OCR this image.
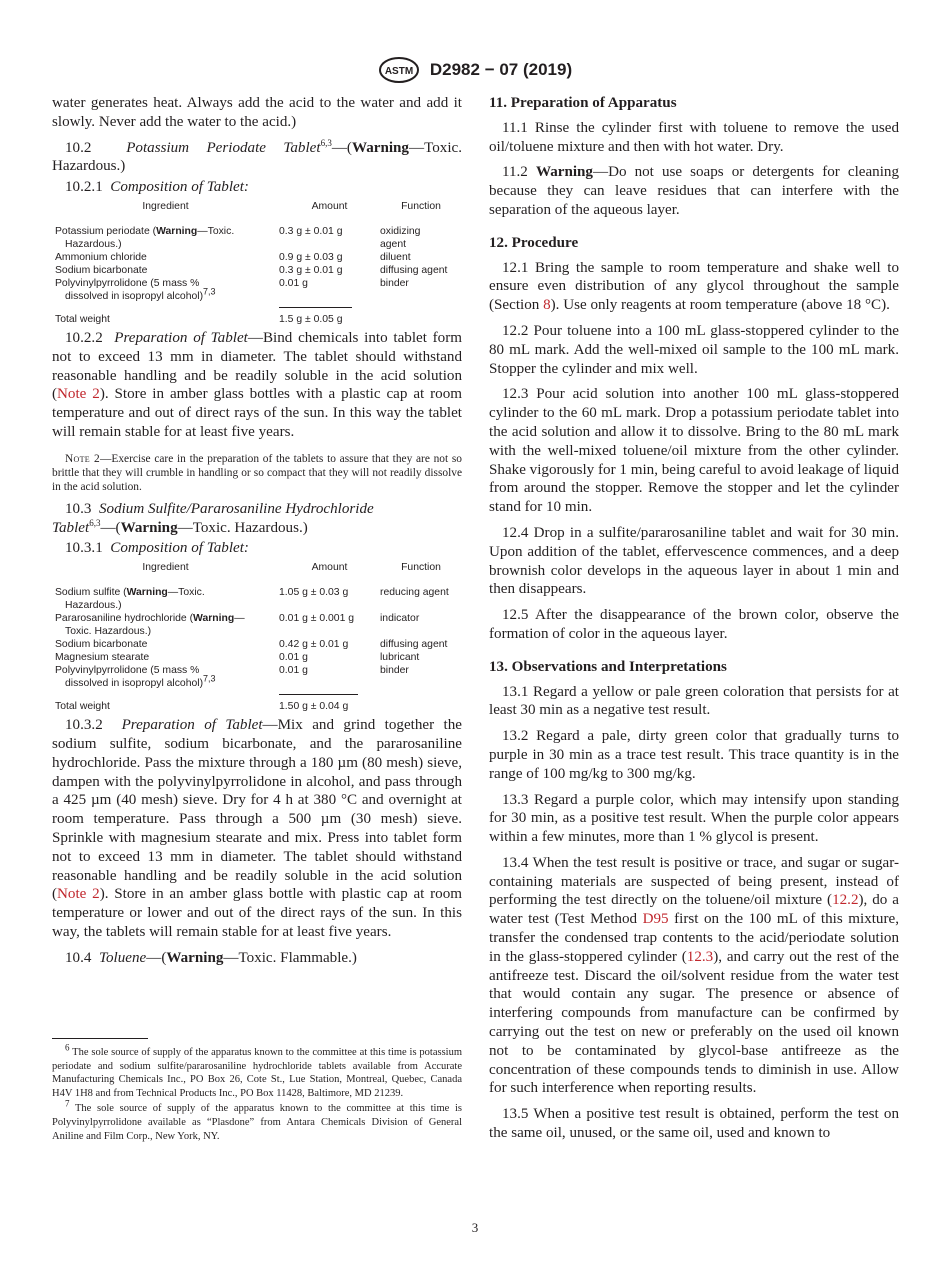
ASTM D2982 − 07 (2019)

water generates heat. Always add the acid to the water and add it slowly. Never add the water to the acid.)

10.2 Potassium Periodate Tablet$^{6,3}$—(Warning—Toxic. Hazardous.)

10.2.1 Composition of Tablet:

Ingredient	Amount	Function
Potassium periodate (Warning—Toxic.
Hazardous.)	0.3 g ± 0.01 g	oxidizing
agent
Ammonium chloride	0.9 g ± 0.03 g	diluent
Sodium bicarbonate	0.3 g ± 0.01 g	diffusing agent
Polyvinylpyrrolidone (5 mass %
dissolved in isopropyl alcohol)$^{7,3}$	0.01 g	binder
Total weight	1.5 g ± 0.05 g	

10.2.2 Preparation of Tablet—Bind chemicals into tablet form not to exceed 13 mm in diameter. The tablet should withstand reasonable handling and be readily soluble in the acid solution (Note 2). Store in amber glass bottles with a plastic cap at room temperature and out of direct rays of the sun. In this way the tablet will remain stable for at least five years.

Note 2—Exercise care in the preparation of the tablets to assure that they are not so brittle that they will crumble in handling or so compact that they will not readily dissolve in the acid solution.

10.3 Sodium Sulfite/Pararosaniline Hydrochloride
Tablet$^{6,3}$—(Warning—Toxic. Hazardous.)

10.3.1 Composition of Tablet:

Ingredient	Amount	Function
Sodium sulfite (Warning—Toxic.
Hazardous.)	1.05 g ± 0.03 g	reducing agent
Pararosaniline hydrochloride (Warning—
Toxic. Hazardous.)	0.01 g ± 0.001 g	indicator
Sodium bicarbonate	0.42 g ± 0.01 g	diffusing agent
Magnesium stearate	0.01 g	lubricant
Polyvinylpyrrolidone (5 mass %
dissolved in isopropyl alcohol)$^{7,3}$	0.01 g	binder
Total weight	1.50 g ± 0.04 g	

10.3.2 Preparation of Tablet—Mix and grind together the sodium sulfite, sodium bicarbonate, and the pararosaniline hydrochloride. Pass the mixture through a 180 µm (80 mesh) sieve, dampen with the polyvinylpyrrolidone in alcohol, and pass through a 425 µm (40 mesh) sieve. Dry for 4 h at 380 °C and overnight at room temperature. Pass through a 500 µm (30 mesh) sieve. Sprinkle with magnesium stearate and mix. Press into tablet form not to exceed 13 mm in diameter. The tablet should withstand reasonable handling and be readily soluble in the acid solution (Note 2). Store in an amber glass bottle with plastic cap at room temperature or lower and out of the direct rays of the sun. In this way, the tablets will remain stable for at least five years.

10.4 Toluene—(Warning—Toxic. Flammable.)

$^6$ The sole source of supply of the apparatus known to the committee at this time is potassium periodate and sodium sulfite/pararosaniline hydrochloride tablets available from Accurate Manufacturing Chemicals Inc., PO Box 26, Cote St., Lue Station, Montreal, Quebec, Canada H4V 1H8 and from Technical Products Inc., PO Box 11428, Baltimore, MD 21239.

$^7$ The sole source of supply of the apparatus known to the committee at this time is Polyvinylpyrrolidone available as “Plasdone” from Antara Chemicals Division of General Aniline and Film Corp., New York, NY.

11. Preparation of Apparatus

11.1 Rinse the cylinder first with toluene to remove the used oil/toluene mixture and then with hot water. Dry.

11.2 Warning—Do not use soaps or detergents for cleaning because they can leave residues that can interfere with the separation of the aqueous layer.

12. Procedure

12.1 Bring the sample to room temperature and shake well to ensure even distribution of any glycol throughout the sample (Section 8). Use only reagents at room temperature (above 18 °C).

12.2 Pour toluene into a 100 mL glass-stoppered cylinder to the 80 mL mark. Add the well-mixed oil sample to the 100 mL mark. Stopper the cylinder and mix well.

12.3 Pour acid solution into another 100 mL glass-stoppered cylinder to the 60 mL mark. Drop a potassium periodate tablet into the acid solution and allow it to dissolve. Bring to the 80 mL mark with the well-mixed toluene/oil mixture from the other cylinder. Shake vigorously for 1 min, being careful to avoid leakage of liquid from around the stopper. Remove the stopper and let the cylinder stand for 10 min.

12.4 Drop in a sulfite/pararosaniline tablet and wait for 30 min. Upon addition of the tablet, effervescence commences, and a deep brownish color develops in the aqueous layer in about 1 min and then disappears.

12.5 After the disappearance of the brown color, observe the formation of color in the aqueous layer.

13. Observations and Interpretations

13.1 Regard a yellow or pale green coloration that persists for at least 30 min as a negative test result.

13.2 Regard a pale, dirty green color that gradually turns to purple in 30 min as a trace test result. This trace quantity is in the range of 100 mg/kg to 300 mg/kg.

13.3 Regard a purple color, which may intensify upon standing for 30 min, as a positive test result. When the purple color appears within a few minutes, more than 1 % glycol is present.

13.4 When the test result is positive or trace, and sugar or sugar-containing materials are suspected of being present, instead of performing the test directly on the toluene/oil mixture (12.2), do a water test (Test Method D95 first on the 100 mL of this mixture, transfer the condensed trap contents to the acid/periodate solution in the glass-stoppered cylinder (12.3), and carry out the rest of the antifreeze test. Discard the oil/solvent residue from the water test that would contain any sugar. The presence or absence of interfering compounds from manufacture can be confirmed by carrying out the test on new or preferably on the used oil known not to be contaminated by glycol-base antifreeze as the concentration of these compounds tends to diminish in use. Allow for such interference when reporting results.

13.5 When a positive test result is obtained, perform the test on the same oil, unused, or the same oil, used and known to

3
